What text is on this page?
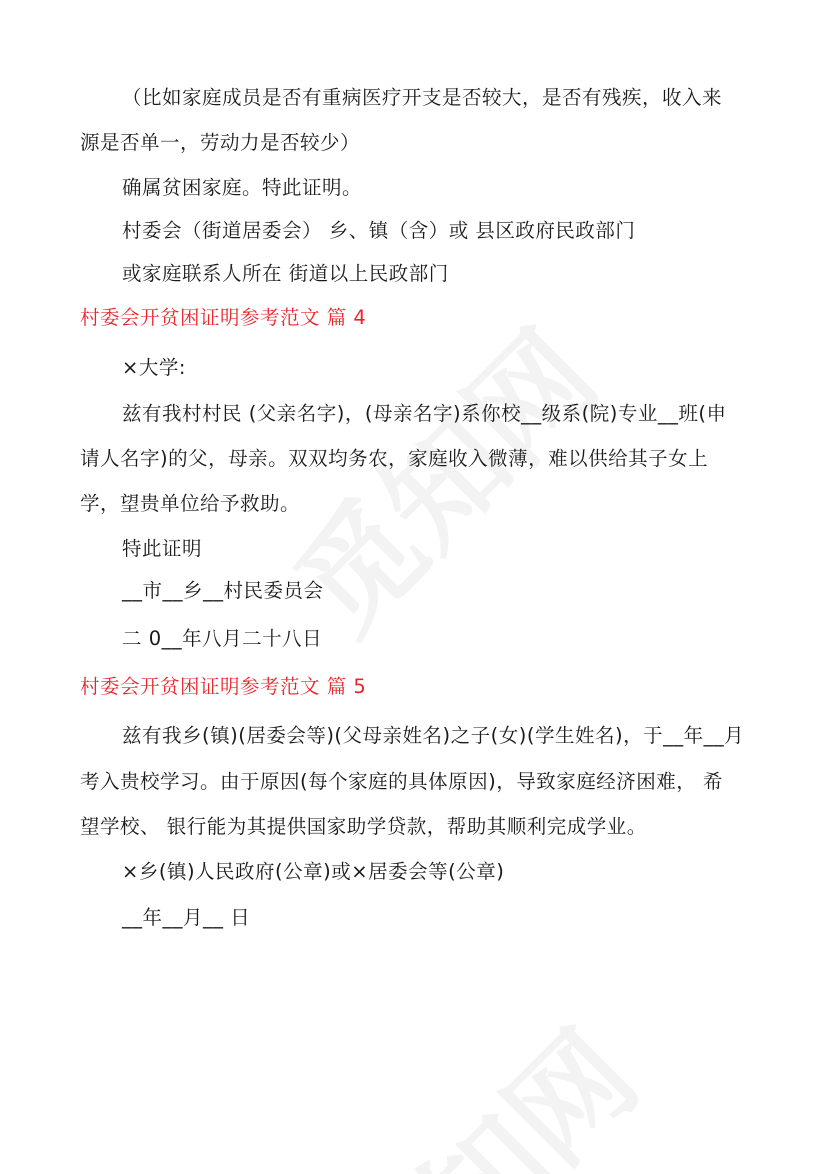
（比如家庭成员是否有重病医疗开支是否较大，是否有残疾，收入来
源是否单一，劳动力是否较少）
确属贫困家庭。特此证明。
村委会（街道居委会） 乡、镇（含）或 县区政府民政部门
或家庭联系人所在 街道以上民政部门
村委会开贫困证明参考范文 篇 4
×大学:
兹有我村村民 (父亲名字)，(母亲名字)系你校__级系(院)专业__班(申
请人名字)的父，母亲。双双均务农，家庭收入微薄，难以供给其子女上
学，望贵单位给予救助。
特此证明
__市__乡__村民委员会
二 0__年八月二十八日
村委会开贫困证明参考范文 篇 5
兹有我乡(镇)(居委会等)(父母亲姓名)之子(女)(学生姓名)，于__年__月
考入贵校学习。由于原因(每个家庭的具体原因)，导致家庭经济困难， 希
望学校、 银行能为其提供国家助学贷款，帮助其顺利完成学业。
×乡(镇)人民政府(公章)或×居委会等(公章)
__年__月__ 日
